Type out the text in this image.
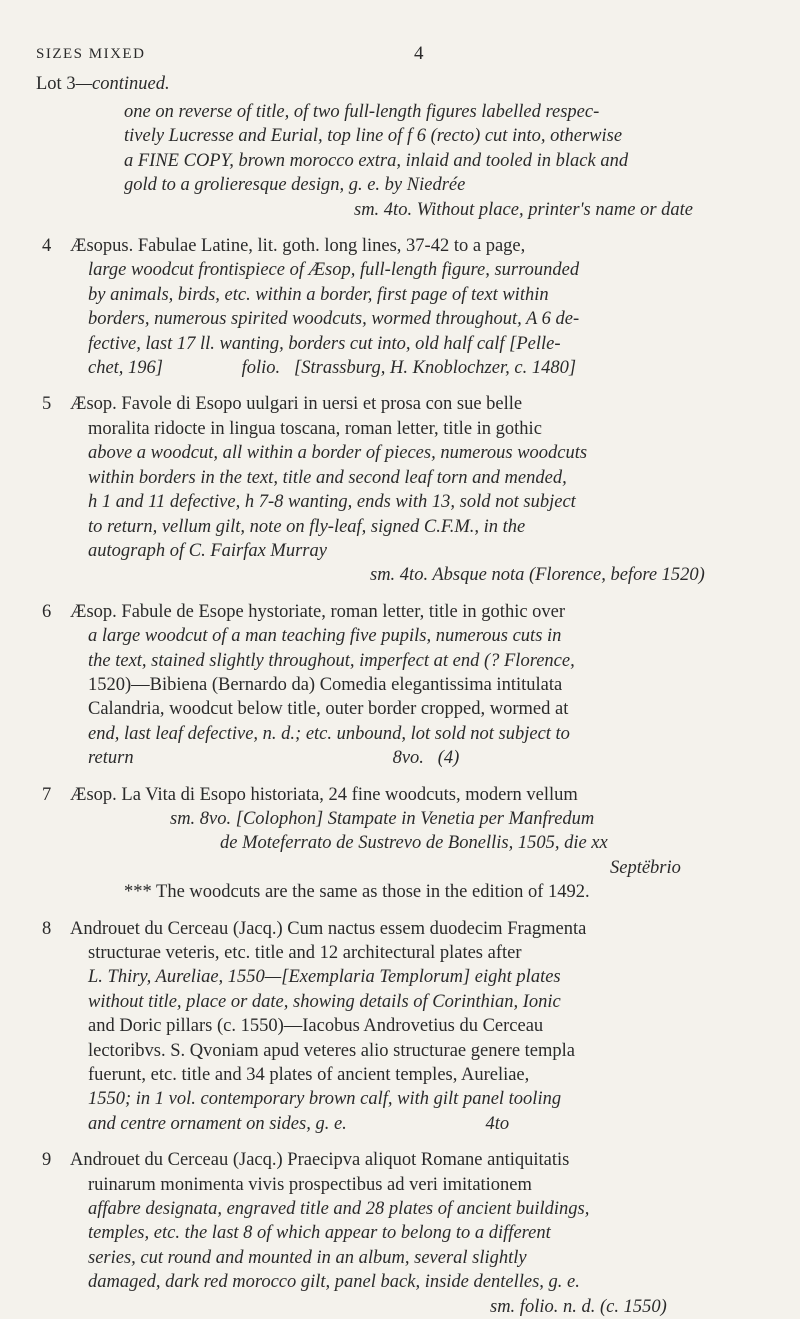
SIZES MIXED	4
Lot 3—continued.

one on reverse of title, of two full-length figures labelled respec-

tively Lucresse and Eurial, top line of f 6 (recto) cut into, otherwise

a FINE COPY, brown morocco extra, inlaid and tooled in black and

gold to a grolieresque design, g. e. by Niedrée

sm. 4to. Without place, printer's name or date

4 Æsopus. Fabulae Latine, lit. goth. long lines, 37-42 to a page,

large woodcut frontispiece of Æsop, full-length figure, surrounded

by animals, birds, etc. within a border, first page of text within

borders, numerous spirited woodcuts, wormed throughout, A 6 de-

fective, last 17 ll. wanting, borders cut into, old half calf [Pelle-

chet, 196]                 folio.   [Strassburg, H. Knoblochzer, c. 1480]

5 Æsop. Favole di Esopo uulgari in uersi et prosa con sue belle

moralita ridocte in lingua toscana, roman letter, title in gothic

above a woodcut, all within a border of pieces, numerous woodcuts

within borders in the text, title and second leaf torn and mended,

h 1 and 11 defective, h 7-8 wanting, ends with 13, sold not subject

to return, vellum gilt, note on fly-leaf, signed C.F.M., in the

autograph of C. Fairfax Murray

sm. 4to. Absque nota (Florence, before 1520)

6 Æsop. Fabule de Esope hystoriate, roman letter, title in gothic over

a large woodcut of a man teaching five pupils, numerous cuts in

the text, stained slightly throughout, imperfect at end (? Florence,

1520)—Bibiena (Bernardo da) Comedia elegantissima intitulata

Calandria, woodcut below title, outer border cropped, wormed at

end, last leaf defective, n. d.; etc. unbound, lot sold not subject to

return                                                        8vo.   (4)

7 Æsop. La Vita di Esopo historiata, 24 fine woodcuts, modern vellum

sm. 8vo. [Colophon] Stampate in Venetia per Manfredum

de Moteferrato de Sustrevo de Bonellis, 1505, die xx

Septëbrio

*** The woodcuts are the same as those in the edition of 1492.

8 Androuet du Cerceau (Jacq.) Cum nactus essem duodecim Fragmenta

structurae veteris, etc. title and 12 architectural plates after

L. Thiry, Aureliae, 1550—[Exemplaria Templorum] eight plates

without title, place or date, showing details of Corinthian, Ionic

and Doric pillars (c. 1550)—Iacobus Androvetius du Cerceau

lectoribvs. S. Qvoniam apud veteres alio structurae genere templa

fuerunt, etc. title and 34 plates of ancient temples, Aureliae,

1550; in 1 vol. contemporary brown calf, with gilt panel tooling

and centre ornament on sides, g. e.                              4to

9 Androuet du Cerceau (Jacq.) Praecipva aliquot Romane antiquitatis

ruinarum monimenta vivis prospectibus ad veri imitationem

affabre designata, engraved title and 28 plates of ancient buildings,

temples, etc. the last 8 of which appear to belong to a different

series, cut round and mounted in an album, several slightly

damaged, dark red morocco gilt, panel back, inside dentelles, g. e.

sm. folio. n. d. (c. 1550)
